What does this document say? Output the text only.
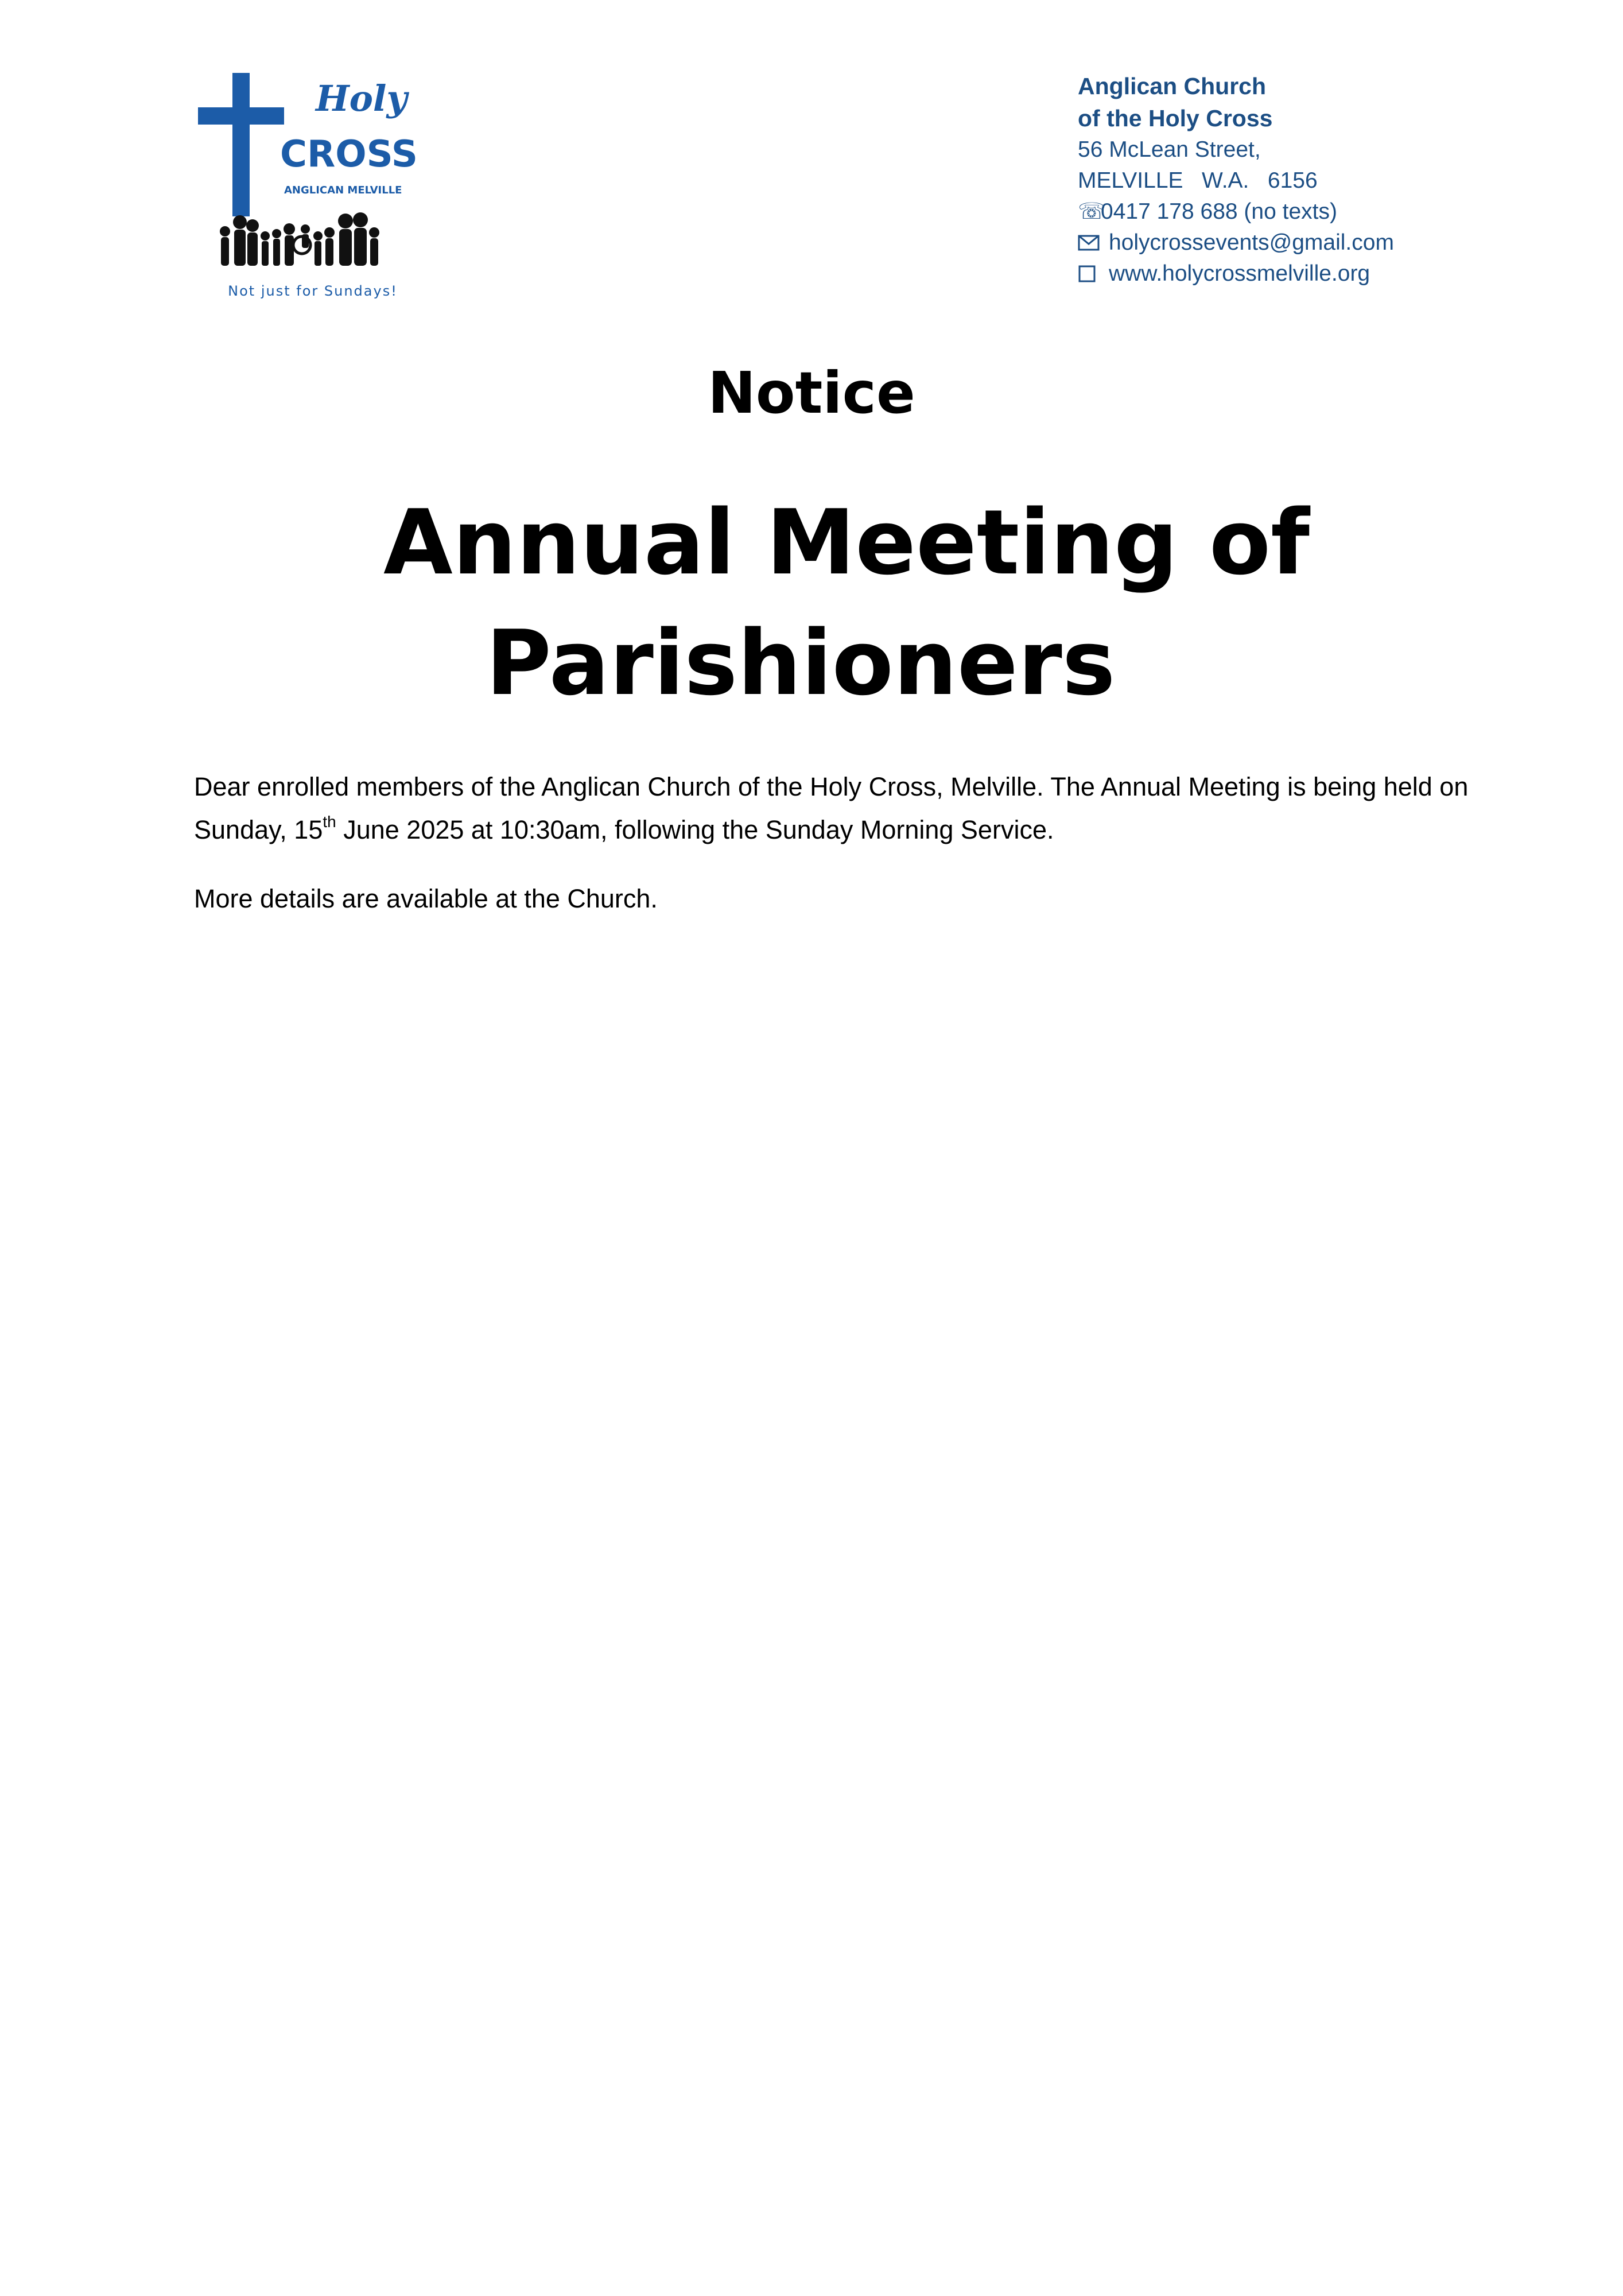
Holy
CROSS
ANGLICAN MELVILLE
Not just for Sundays!
Anglican Church
of the Holy Cross
56 McLean Street,
MELVILLE   W.A.   6156
☏
0417 178 688 (no texts)
holycrossevents@gmail.com
www.holycrossmelville.org
Notice
Annual Meeting of
Parishioners

Dear enrolled members of the Anglican Church of the Holy Cross, Melville. The Annual Meeting is being held on Sunday, 15th June 2025 at 10:30am, following the Sunday Morning Service.

More details are available at the Church.
